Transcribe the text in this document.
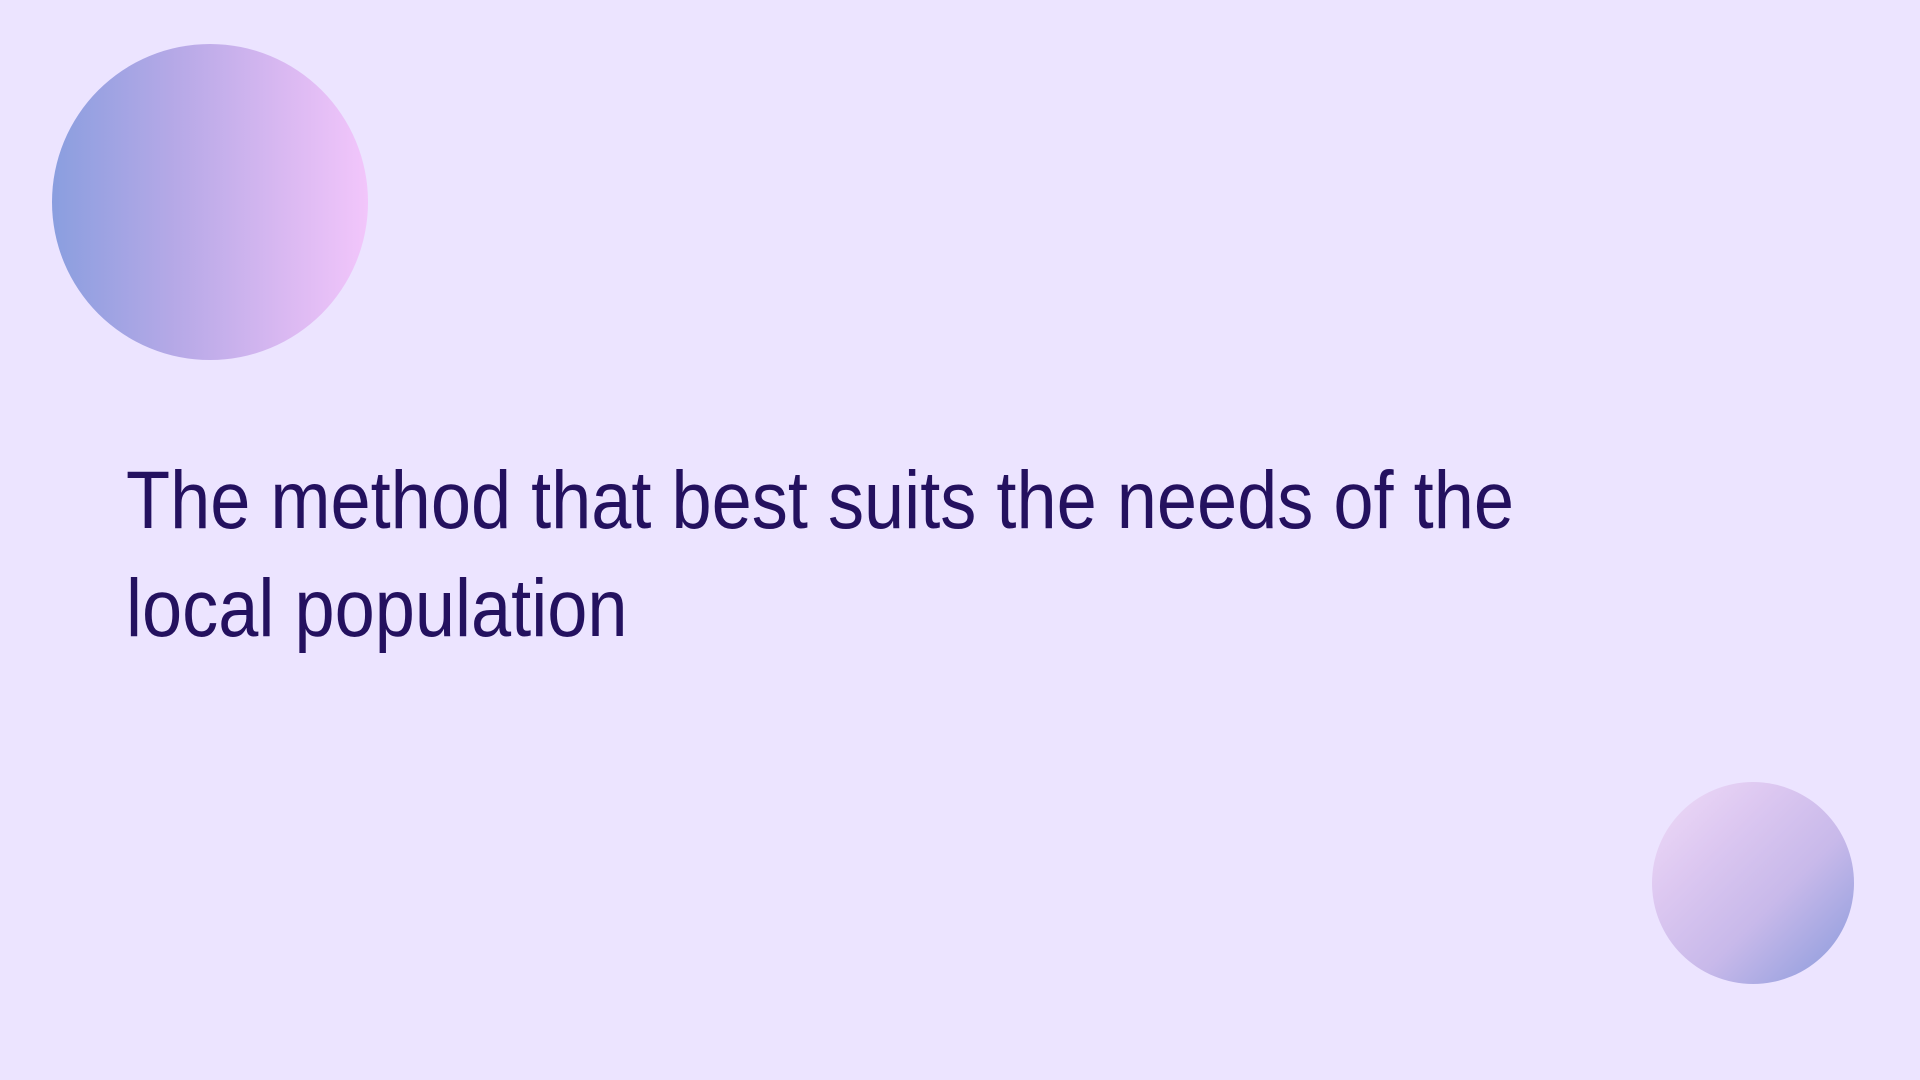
The method that best suits the needs of the local population
